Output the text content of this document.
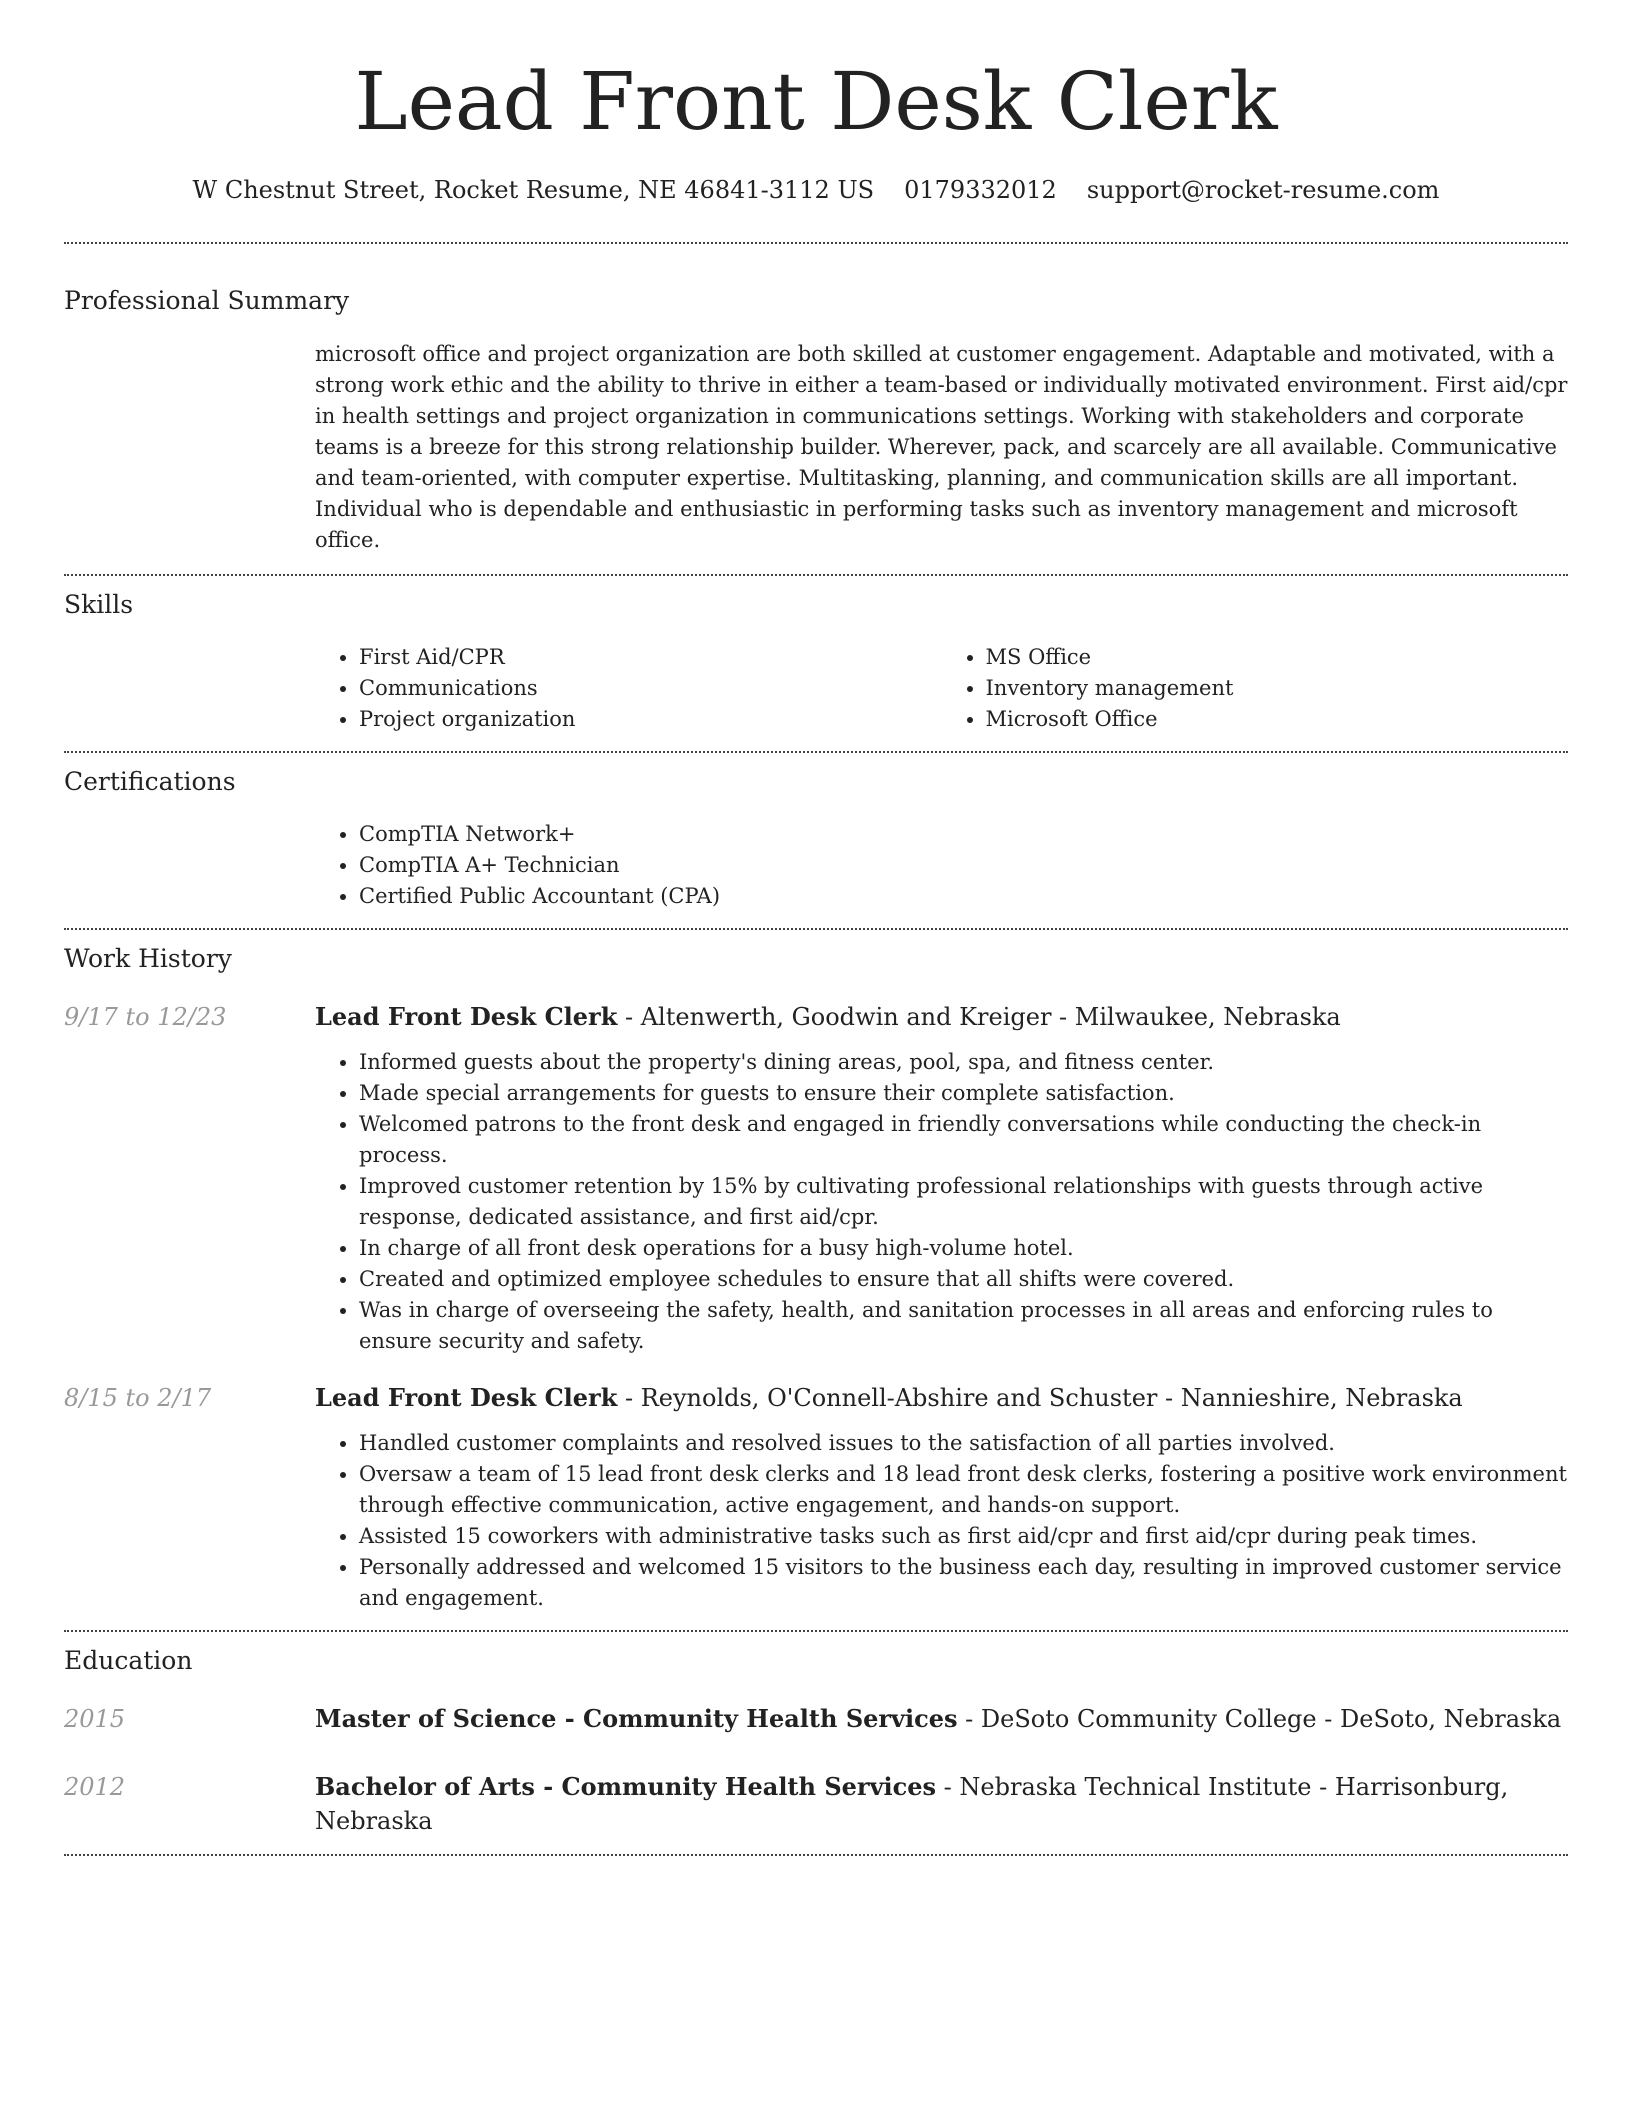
Lead Front Desk Clerk
W Chestnut Street, Rocket Resume, NE 46841-3112 US 0179332012 support@rocket-resume.com
Professional Summary

microsoft office and project organization are both skilled at customer engagement. Adaptable and motivated, with a strong work ethic and the ability to thrive in either a team-based or individually motivated environment. First aid/cpr in health settings and project organization in communications settings. Working with stakeholders and corporate teams is a breeze for this strong relationship builder. Wherever, pack, and scarcely are all available. Communicative and team-oriented, with computer expertise. Multitasking, planning, and communication skills are all important. Individual who is dependable and enthusiastic in performing tasks such as inventory management and microsoft office.

Skills
• First Aid/CPR
• Communications
• Project organization
• MS Office
• Inventory management
• Microsoft Office
Certifications
• CompTIA Network+
• CompTIA A+ Technician
• Certified Public Accountant (CPA)
Work History
9/17 to 12/23	Lead Front Desk Clerk - Altenwerth, Goodwin and Kreiger - Milwaukee, Nebraska
• Informed guests about the property's dining areas, pool, spa, and fitness center.
• Made special arrangements for guests to ensure their complete satisfaction.
• Welcomed patrons to the front desk and engaged in friendly conversations while conducting the check-in process.
• Improved customer retention by 15% by cultivating professional relationships with guests through active response, dedicated assistance, and first aid/cpr.
• In charge of all front desk operations for a busy high-volume hotel.
• Created and optimized employee schedules to ensure that all shifts were covered.
• Was in charge of overseeing the safety, health, and sanitation processes in all areas and enforcing rules to ensure security and safety.
8/15 to 2/17	Lead Front Desk Clerk - Reynolds, O'Connell-Abshire and Schuster - Nannieshire, Nebraska
• Handled customer complaints and resolved issues to the satisfaction of all parties involved.
• Oversaw a team of 15 lead front desk clerks and 18 lead front desk clerks, fostering a positive work environment through effective communication, active engagement, and hands-on support.
• Assisted 15 coworkers with administrative tasks such as first aid/cpr and first aid/cpr during peak times.
• Personally addressed and welcomed 15 visitors to the business each day, resulting in improved customer service and engagement.
Education
2015	Master of Science - Community Health Services - DeSoto Community College - DeSoto, Nebraska
2012	Bachelor of Arts - Community Health Services - Nebraska Technical Institute - Harrisonburg, Nebraska
